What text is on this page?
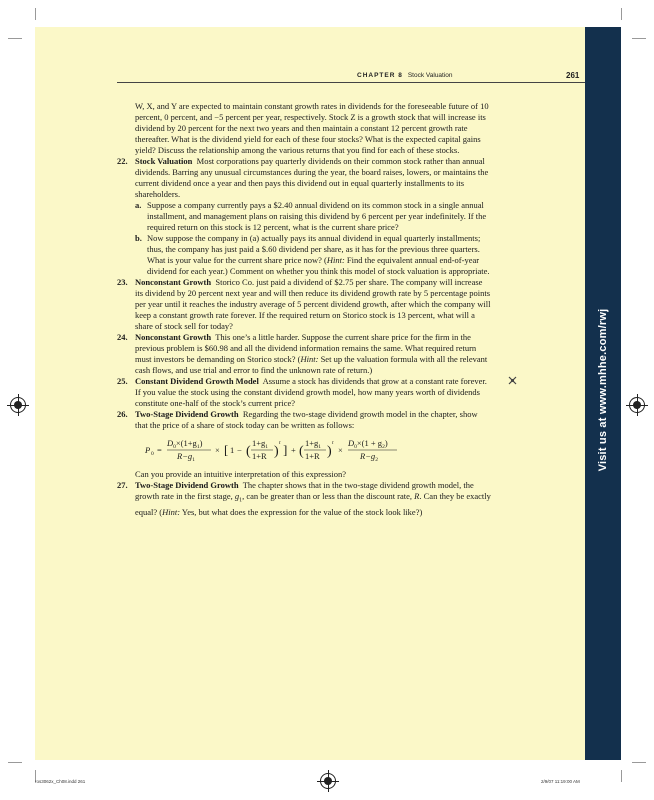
Visit us at www.mhhe.com/rwj
CHAPTER 8 Stock Valuation	261

W, X, and Y are expected to maintain constant growth rates in dividends for the foreseeable future of 10 percent, 0 percent, and −5 percent per year, respectively. Stock Z is a growth stock that will increase its dividend by 20 percent for the next two years and then maintain a constant 12 percent growth rate thereafter. What is the dividend yield for each of these four stocks? What is the expected capital gains yield? Discuss the relationship among the various returns that you find for each of these stocks.

22. Stock Valuation Most corporations pay quarterly dividends on their common stock rather than annual dividends. Barring any unusual circumstances during the year, the board raises, lowers, or maintains the current dividend once a year and then pays this dividend out in equal quarterly installments to its shareholders.
a. Suppose a company currently pays a $2.40 annual dividend on its common stock in a single annual installment, and management plans on raising this dividend by 6 percent per year indefinitely. If the required return on this stock is 12 percent, what is the current share price?
b. Now suppose the company in (a) actually pays its annual dividend in equal quarterly installments; thus, the company has just paid a $.60 dividend per share, as it has for the previous three quarters. What is your value for the current share price now? (Hint: Find the equivalent annual end-of-year dividend for each year.) Comment on whether you think this model of stock valuation is appropriate.
23. Nonconstant Growth Storico Co. just paid a dividend of $2.75 per share. The company will increase its dividend by 20 percent next year and will then reduce its dividend growth rate by 5 percentage points per year until it reaches the industry average of 5 percent dividend growth, after which the company will keep a constant growth rate forever. If the required return on Storico stock is 13 percent, what will a share of stock sell for today?
24. Nonconstant Growth This one’s a little harder. Suppose the current share price for the firm in the previous problem is $60.98 and all the dividend information remains the same. What required return must investors be demanding on Storico stock? (Hint: Set up the valuation formula with all the relevant cash flows, and use trial and error to find the unknown rate of return.)
25. Constant Dividend Growth Model Assume a stock has dividends that grow at a constant rate forever. If you value the stock using the constant dividend growth model, how many years worth of dividends constitute one-half of the stock’s current price?
26. Two-Stage Dividend Growth Regarding the two-stage dividend growth model in the chapter, show that the price of a share of stock today can be written as follows:
P 0 =
$D_0\times(1+g_1)$
$R-g_1$
× [ 1 − (
$1+g_1$
1+R )
t ] + (
$1+g_1$
1+R )
t
×
$D_0\times(1 + g_2)$
$R-g_2$

Can you provide an intuitive interpretation of this expression?

27. Two-Stage Dividend Growth The chapter shows that in the two-stage dividend growth model, the growth rate in the first stage, $g_1$, can be greater than or less than the discount rate, R. Can they be exactly equal? (Hint: Yes, but what does the expression for the value of the stock look like?)
ros3062x_Ch08.indd 261	2/9/07 11:19:00 AM
